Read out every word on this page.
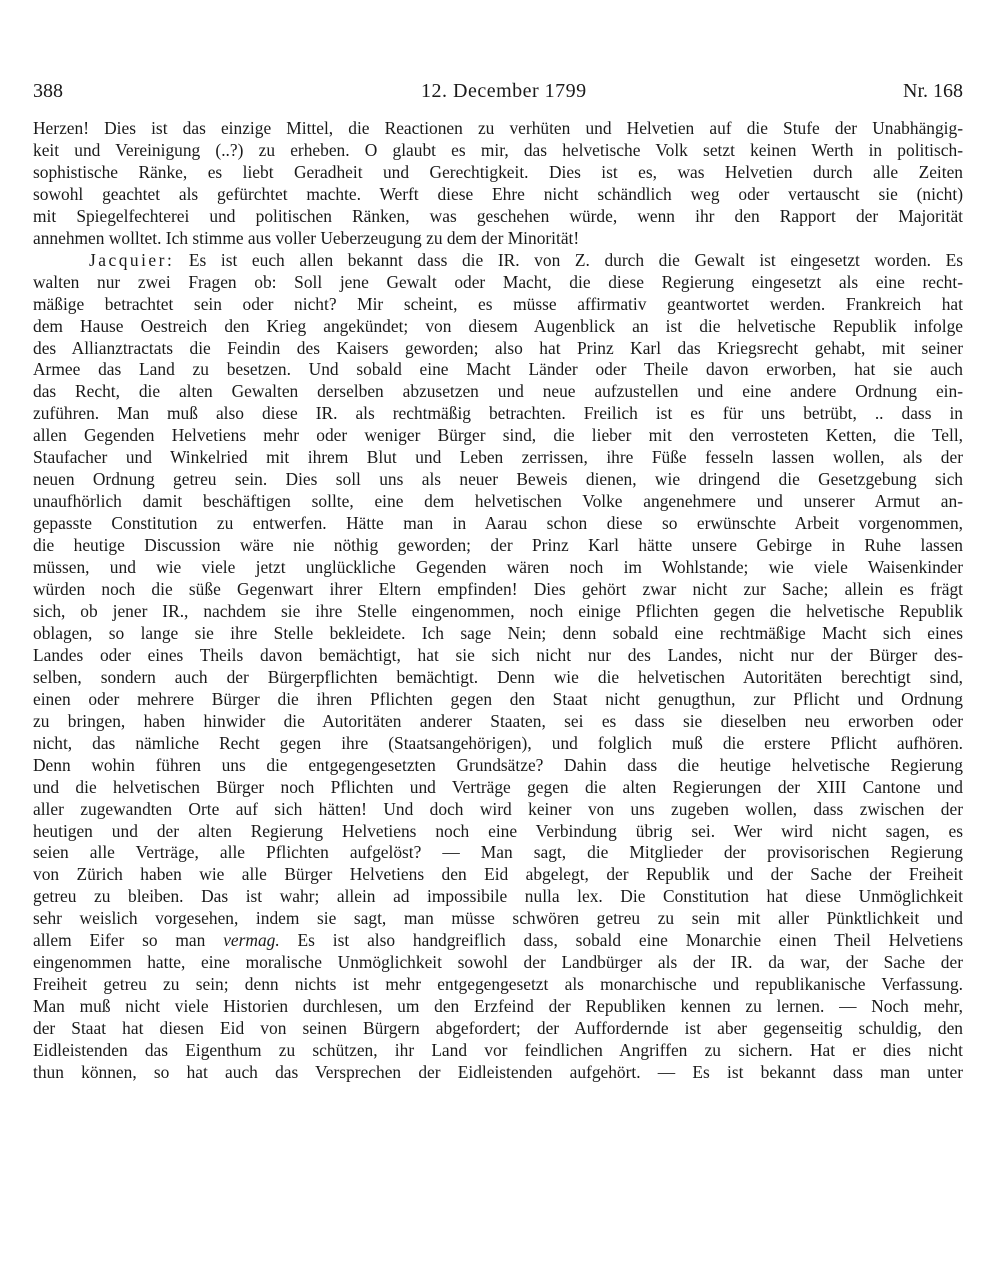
388	12. December 1799	Nr. 168
Herzen! Dies ist das einzige Mittel, die Reactionen zu verhüten und Helvetien auf die Stufe der Unabhängig-
keit und Vereinigung (..?) zu erheben. O glaubt es mir, das helvetische Volk setzt keinen Werth in politisch-
sophistische Ränke, es liebt Geradheit und Gerechtigkeit. Dies ist es, was Helvetien durch alle Zeiten
sowohl geachtet als gefürchtet machte. Werft diese Ehre nicht schändlich weg oder vertauscht sie (nicht)
mit Spiegelfechterei und politischen Ränken, was geschehen würde, wenn ihr den Rapport der Majorität
annehmen wolltet. Ich stimme aus voller Ueberzeugung zu dem der Minorität!
Jacquier: Es ist euch allen bekannt dass die IR. von Z. durch die Gewalt ist eingesetzt worden. Es
walten nur zwei Fragen ob: Soll jene Gewalt oder Macht, die diese Regierung eingesetzt als eine recht-
mäßige betrachtet sein oder nicht? Mir scheint, es müsse affirmativ geantwortet werden. Frankreich hat
dem Hause Oestreich den Krieg angekündet; von diesem Augenblick an ist die helvetische Republik infolge
des Allianztractats die Feindin des Kaisers geworden; also hat Prinz Karl das Kriegsrecht gehabt, mit seiner
Armee das Land zu besetzen. Und sobald eine Macht Länder oder Theile davon erworben, hat sie auch
das Recht, die alten Gewalten derselben abzusetzen und neue aufzustellen und eine andere Ordnung ein-
zuführen. Man muß also diese IR. als rechtmäßig betrachten. Freilich ist es für uns betrübt, .. dass in
allen Gegenden Helvetiens mehr oder weniger Bürger sind, die lieber mit den verrosteten Ketten, die Tell,
Staufacher und Winkelried mit ihrem Blut und Leben zerrissen, ihre Füße fesseln lassen wollen, als der
neuen Ordnung getreu sein. Dies soll uns als neuer Beweis dienen, wie dringend die Gesetzgebung sich
unaufhörlich damit beschäftigen sollte, eine dem helvetischen Volke angenehmere und unserer Armut an-
gepasste Constitution zu entwerfen. Hätte man in Aarau schon diese so erwünschte Arbeit vorgenommen,
die heutige Discussion wäre nie nöthig geworden; der Prinz Karl hätte unsere Gebirge in Ruhe lassen
müssen, und wie viele jetzt unglückliche Gegenden wären noch im Wohlstande; wie viele Waisenkinder
würden noch die süße Gegenwart ihrer Eltern empfinden! Dies gehört zwar nicht zur Sache; allein es frägt
sich, ob jener IR., nachdem sie ihre Stelle eingenommen, noch einige Pflichten gegen die helvetische Republik
oblagen, so lange sie ihre Stelle bekleidete. Ich sage Nein; denn sobald eine rechtmäßige Macht sich eines
Landes oder eines Theils davon bemächtigt, hat sie sich nicht nur des Landes, nicht nur der Bürger des-
selben, sondern auch der Bürgerpflichten bemächtigt. Denn wie die helvetischen Autoritäten berechtigt sind,
einen oder mehrere Bürger die ihren Pflichten gegen den Staat nicht genugthun, zur Pflicht und Ordnung
zu bringen, haben hinwider die Autoritäten anderer Staaten, sei es dass sie dieselben neu erworben oder
nicht, das nämliche Recht gegen ihre (Staatsangehörigen), und folglich muß die erstere Pflicht aufhören.
Denn wohin führen uns die entgegengesetzten Grundsätze? Dahin dass die heutige helvetische Regierung
und die helvetischen Bürger noch Pflichten und Verträge gegen die alten Regierungen der XIII Cantone und
aller zugewandten Orte auf sich hätten! Und doch wird keiner von uns zugeben wollen, dass zwischen der
heutigen und der alten Regierung Helvetiens noch eine Verbindung übrig sei. Wer wird nicht sagen, es
seien alle Verträge, alle Pflichten aufgelöst? — Man sagt, die Mitglieder der provisorischen Regierung
von Zürich haben wie alle Bürger Helvetiens den Eid abgelegt, der Republik und der Sache der Freiheit
getreu zu bleiben. Das ist wahr; allein ad impossibile nulla lex. Die Constitution hat diese Unmöglichkeit
sehr weislich vorgesehen, indem sie sagt, man müsse schwören getreu zu sein mit aller Pünktlichkeit und
allem Eifer so man vermag. Es ist also handgreiflich dass, sobald eine Monarchie einen Theil Helvetiens
eingenommen hatte, eine moralische Unmöglichkeit sowohl der Landbürger als der IR. da war, der Sache der
Freiheit getreu zu sein; denn nichts ist mehr entgegengesetzt als monarchische und republikanische Verfassung.
Man muß nicht viele Historien durchlesen, um den Erzfeind der Republiken kennen zu lernen. — Noch mehr,
der Staat hat diesen Eid von seinen Bürgern abgefordert; der Auffordernde ist aber gegenseitig schuldig, den
Eidleistenden das Eigenthum zu schützen, ihr Land vor feindlichen Angriffen zu sichern. Hat er dies nicht
thun können, so hat auch das Versprechen der Eidleistenden aufgehört. — Es ist bekannt dass man unter
